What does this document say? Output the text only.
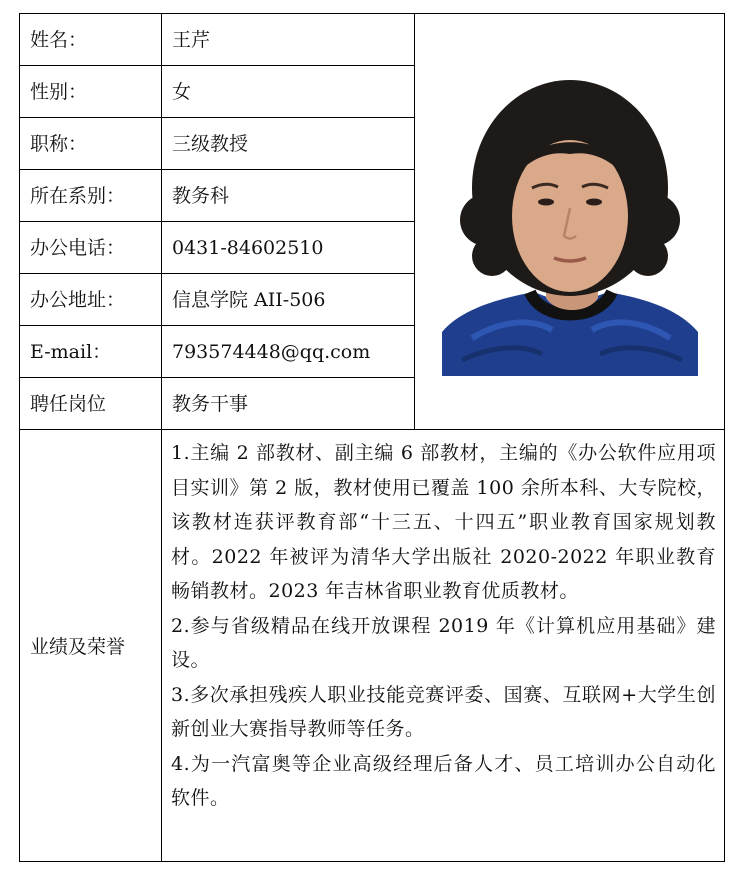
姓名：	王芹	

性别：	女	
职称：	三级教授	
所在系别：	教务科	
办公电话：	0431-84602510	
办公地址：	信息学院 AII-506	
E-mail：	793574448@qq.com	
聘任岗位	教务干事	
业绩及荣誉	1.主编 2 部教材、副主编 6 部教材，主编的《办公软件应用项目实训》第 2 版，教材使用已覆盖 100 余所本科、大专院校，该教材连获评教育部“十三五、十四五”职业教育国家规划教材。2022 年被评为清华大学出版社 2020-2022 年职业教育畅销教材。2023 年吉林省职业教育优质教材。

2.参与省级精品在线开放课程 2019 年《计算机应用基础》建设。

3.多次承担残疾人职业技能竞赛评委、国赛、互联网+大学生创新创业大赛指导教师等任务。

4.为一汽富奥等企业高级经理后备人才、员工培训办公自动化软件。	
